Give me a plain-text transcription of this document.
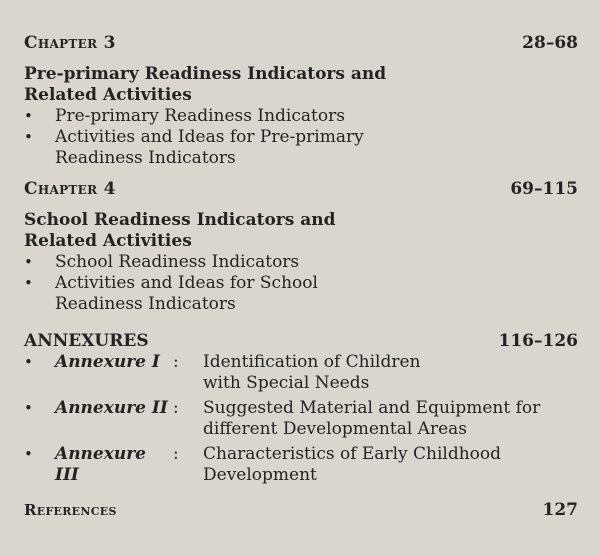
Chapter 3	28–68
Pre-primary Readiness Indicators and
Related Activities
•	Pre-primary Readiness Indicators
•	Activities and Ideas for Pre-primary Readiness Indicators
Chapter 4	69–115
School Readiness Indicators and
Related Activities
•	School Readiness Indicators
•	Activities and Ideas for School Readiness Indicators
ANNEXURES	116–126
•	Annexure I :	Identification of Children with Special Needs
•	Annexure II :	Suggested Material and Equipment for different Developmental Areas
•	Annexure III
:	Characteristics of Early Childhood Development
References	127
